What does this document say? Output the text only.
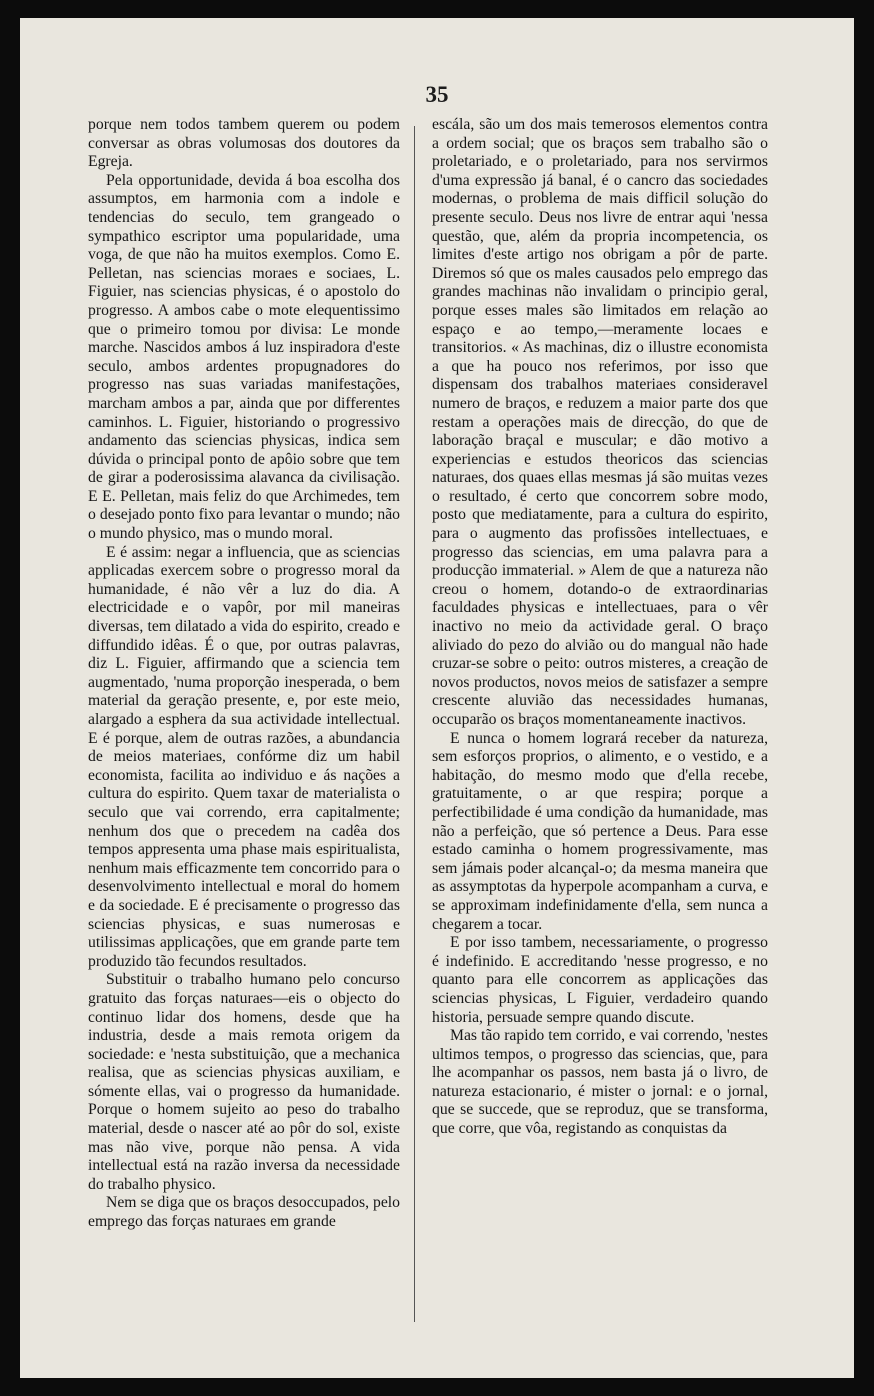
35

porque nem todos tambem querem ou podem conversar as obras volumosas dos doutores da Egreja.

Pela opportunidade, devida á boa escolha dos assumptos, em harmonia com a indole e tendencias do seculo, tem grangeado o sympathico escriptor uma popularidade, uma voga, de que não ha muitos exemplos. Como E. Pelletan, nas sciencias moraes e sociaes, L. Figuier, nas sciencias physicas, é o apostolo do progresso. A ambos cabe o mote elequentissimo que o primeiro tomou por divisa: Le monde marche. Nascidos ambos á luz inspiradora d'este seculo, ambos ardentes propugnadores do progresso nas suas variadas manifestações, marcham ambos a par, ainda que por differentes caminhos. L. Figuier, historiando o progressivo andamento das sciencias physicas, indica sem dúvida o principal ponto de apôio sobre que tem de girar a poderosissima alavanca da civilisação. E E. Pelletan, mais feliz do que Archimedes, tem o desejado ponto fixo para levantar o mundo; não o mundo physico, mas o mundo moral.

E é assim: negar a influencia, que as sciencias applicadas exercem sobre o progresso moral da humanidade, é não vêr a luz do dia. A electricidade e o vapôr, por mil maneiras diversas, tem dilatado a vida do espirito, creado e diffundido idêas. É o que, por outras palavras, diz L. Figuier, affirmando que a sciencia tem augmentado, 'numa proporção inesperada, o bem material da geração presente, e, por este meio, alargado a esphera da sua actividade intellectual. E é porque, alem de outras razões, a abundancia de meios materiaes, confórme diz um habil economista, facilita ao individuo e ás nações a cultura do espirito. Quem taxar de materialista o seculo que vai correndo, erra capitalmente; nenhum dos que o precedem na cadêa dos tempos appresenta uma phase mais espiritualista, nenhum mais efficazmente tem concorrido para o desenvolvimento intellectual e moral do homem e da sociedade. E é precisamente o progresso das sciencias physicas, e suas numerosas e utilissimas applicações, que em grande parte tem produzido tão fecundos resultados.

Substituir o trabalho humano pelo concurso gratuito das forças naturaes—eis o objecto do continuo lidar dos homens, desde que ha industria, desde a mais remota origem da sociedade: e 'nesta substituição, que a mechanica realisa, que as sciencias physicas auxiliam, e sómente ellas, vai o progresso da humanidade. Porque o homem sujeito ao peso do trabalho material, desde o nascer até ao pôr do sol, existe mas não vive, porque não pensa. A vida intellectual está na razão inversa da necessidade do trabalho physico.

Nem se diga que os braços desoccupados, pelo emprego das forças naturaes em grande

escála, são um dos mais temerosos elementos contra a ordem social; que os braços sem trabalho são o proletariado, e o proletariado, para nos servirmos d'uma expressão já banal, é o cancro das sociedades modernas, o problema de mais difficil solução do presente seculo. Deus nos livre de entrar aqui 'nessa questão, que, além da propria incompetencia, os limites d'este artigo nos obrigam a pôr de parte. Diremos só que os males causados pelo emprego das grandes machinas não invalidam o principio geral, porque esses males são limitados em relação ao espaço e ao tempo,—meramente locaes e transitorios. « As machinas, diz o illustre economista a que ha pouco nos referimos, por isso que dispensam dos trabalhos materiaes consideravel numero de braços, e reduzem a maior parte dos que restam a operações mais de direcção, do que de laboração braçal e muscular; e dão motivo a experiencias e estudos theoricos das sciencias naturaes, dos quaes ellas mesmas já são muitas vezes o resultado, é certo que concorrem sobre modo, posto que mediatamente, para a cultura do espirito, para o augmento das profissões intellectuaes, e progresso das sciencias, em uma palavra para a producção immaterial. » Alem de que a natureza não creou o homem, dotando-o de extraordinarias faculdades physicas e intellectuaes, para o vêr inactivo no meio da actividade geral. O braço aliviado do pezo do alvião ou do mangual não hade cruzar-se sobre o peito: outros misteres, a creação de novos productos, novos meios de satisfazer a sempre crescente aluvião das necessidades humanas, occuparão os braços momentaneamente inactivos.

E nunca o homem logrará receber da natureza, sem esforços proprios, o alimento, e o vestido, e a habitação, do mesmo modo que d'ella recebe, gratuitamente, o ar que respira; porque a perfectibilidade é uma condição da humanidade, mas não a perfeição, que só pertence a Deus. Para esse estado caminha o homem progressivamente, mas sem jámais poder alcançal-o; da mesma maneira que as assymptotas da hyperpole acompanham a curva, e se approximam indefinidamente d'ella, sem nunca a chegarem a tocar.

E por isso tambem, necessariamente, o progresso é indefinido. E accreditando 'nesse progresso, e no quanto para elle concorrem as applicações das sciencias physicas, L Figuier, verdadeiro quando historia, persuade sempre quando discute.

Mas tão rapido tem corrido, e vai correndo, 'nestes ultimos tempos, o progresso das sciencias, que, para lhe acompanhar os passos, nem basta já o livro, de natureza estacionario, é mister o jornal: e o jornal, que se succede, que se reproduz, que se transforma, que corre, que vôa, registando as conquistas da
